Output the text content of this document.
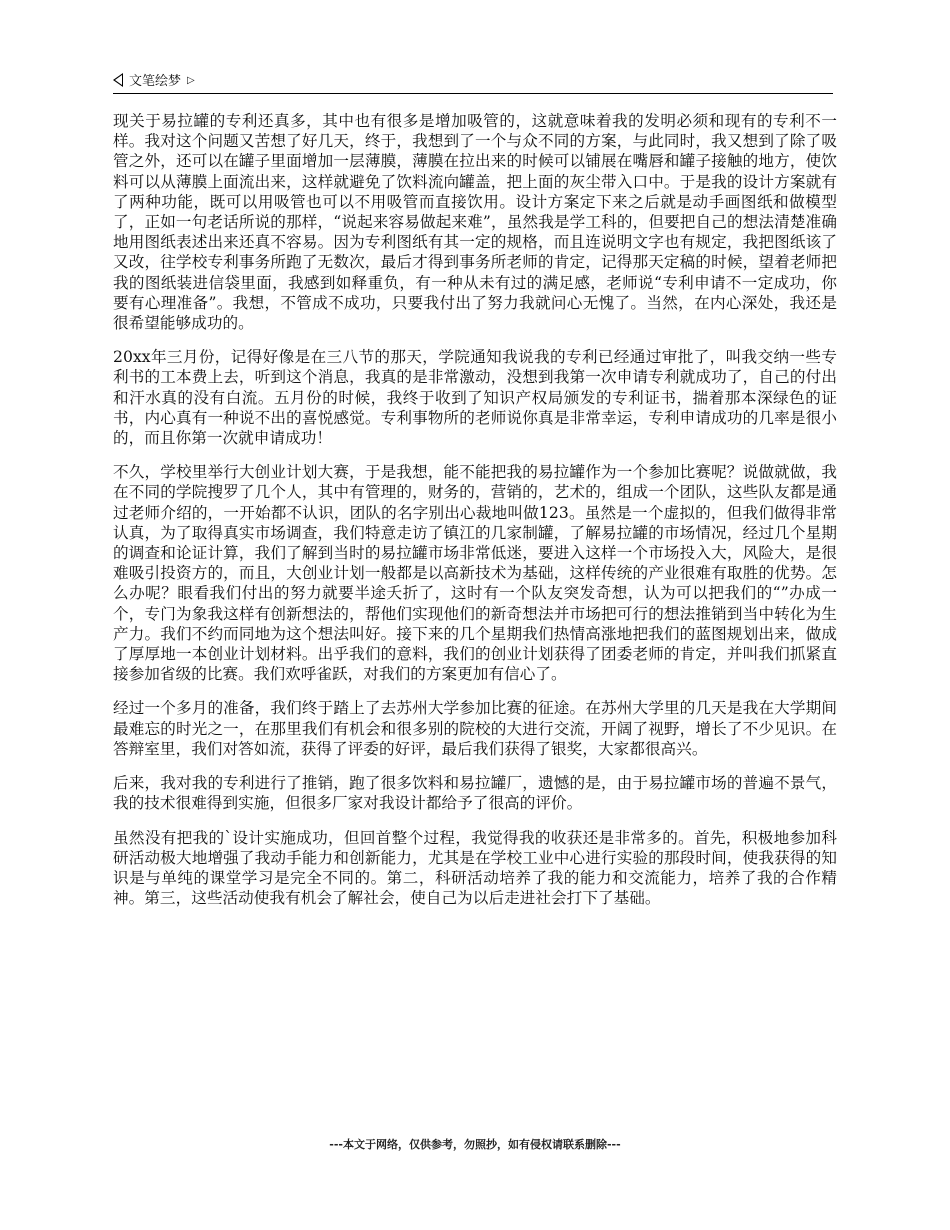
文笔绘梦 ▷

现关于易拉罐的专利还真多，其中也有很多是增加吸管的，这就意味着我的发明必须和现有的专利不一样。我对这个问题又苦想了好几天，终于，我想到了一个与众不同的方案，与此同时，我又想到了除了吸管之外，还可以在罐子里面增加一层薄膜，薄膜在拉出来的时候可以铺展在嘴唇和罐子接触的地方，使饮料可以从薄膜上面流出来，这样就避免了饮料流向罐盖，把上面的灰尘带入口中。于是我的设计方案就有了两种功能，既可以用吸管也可以不用吸管而直接饮用。设计方案定下来之后就是动手画图纸和做模型了，正如一句老话所说的那样，“说起来容易做起来难”，虽然我是学工科的，但要把自己的想法清楚准确地用图纸表述出来还真不容易。因为专利图纸有其一定的规格，而且连说明文字也有规定，我把图纸该了又改，往学校专利事务所跑了无数次，最后才得到事务所老师的肯定，记得那天定稿的时候，望着老师把我的图纸装进信袋里面，我感到如释重负，有一种从未有过的满足感，老师说“专利申请不一定成功，你要有心理准备”。我想，不管成不成功，只要我付出了努力我就问心无愧了。当然，在内心深处，我还是很希望能够成功的。

20xx年三月份，记得好像是在三八节的那天，学院通知我说我的专利已经通过审批了，叫我交纳一些专利书的工本费上去，听到这个消息，我真的是非常激动，没想到我第一次申请专利就成功了，自己的付出和汗水真的没有白流。五月份的时候，我终于收到了知识产权局颁发的专利证书，揣着那本深绿色的证书，内心真有一种说不出的喜悦感觉。专利事物所的老师说你真是非常幸运，专利申请成功的几率是很小的，而且你第一次就申请成功！

不久，学校里举行大创业计划大赛，于是我想，能不能把我的易拉罐作为一个参加比赛呢？说做就做，我在不同的学院搜罗了几个人，其中有管理的，财务的，营销的，艺术的，组成一个团队，这些队友都是通过老师介绍的，一开始都不认识，团队的名字别出心裁地叫做123。虽然是一个虚拟的，但我们做得非常认真，为了取得真实市场调查，我们特意走访了镇江的几家制罐，了解易拉罐的市场情况，经过几个星期的调查和论证计算，我们了解到当时的易拉罐市场非常低迷，要进入这样一个市场投入大，风险大，是很难吸引投资方的，而且，大创业计划一般都是以高新技术为基础，这样传统的产业很难有取胜的优势。怎么办呢？眼看我们付出的努力就要半途夭折了，这时有一个队友突发奇想，认为可以把我们的“”办成一个，专门为象我这样有创新想法的，帮他们实现他们的新奇想法并市场把可行的想法推销到当中转化为生产力。我们不约而同地为这个想法叫好。接下来的几个星期我们热情高涨地把我们的蓝图规划出来，做成了厚厚地一本创业计划材料。出乎我们的意料，我们的创业计划获得了团委老师的肯定，并叫我们抓紧直接参加省级的比赛。我们欢呼雀跃，对我们的方案更加有信心了。

经过一个多月的准备，我们终于踏上了去苏州大学参加比赛的征途。在苏州大学里的几天是我在大学期间最难忘的时光之一，在那里我们有机会和很多别的院校的大进行交流，开阔了视野，增长了不少见识。在答辩室里，我们对答如流，获得了评委的好评，最后我们获得了银奖，大家都很高兴。

后来，我对我的专利进行了推销，跑了很多饮料和易拉罐厂，遗憾的是，由于易拉罐市场的普遍不景气，我的技术很难得到实施，但很多厂家对我设计都给予了很高的评价。

虽然没有把我的`设计实施成功，但回首整个过程，我觉得我的收获还是非常多的。首先，积极地参加科研活动极大地增强了我动手能力和创新能力，尤其是在学校工业中心进行实验的那段时间，使我获得的知识是与单纯的课堂学习是完全不同的。第二，科研活动培养了我的能力和交流能力，培养了我的合作精神。第三，这些活动使我有机会了解社会，使自己为以后走进社会打下了基础。

---本文于网络，仅供参考，勿照抄，如有侵权请联系删除---
